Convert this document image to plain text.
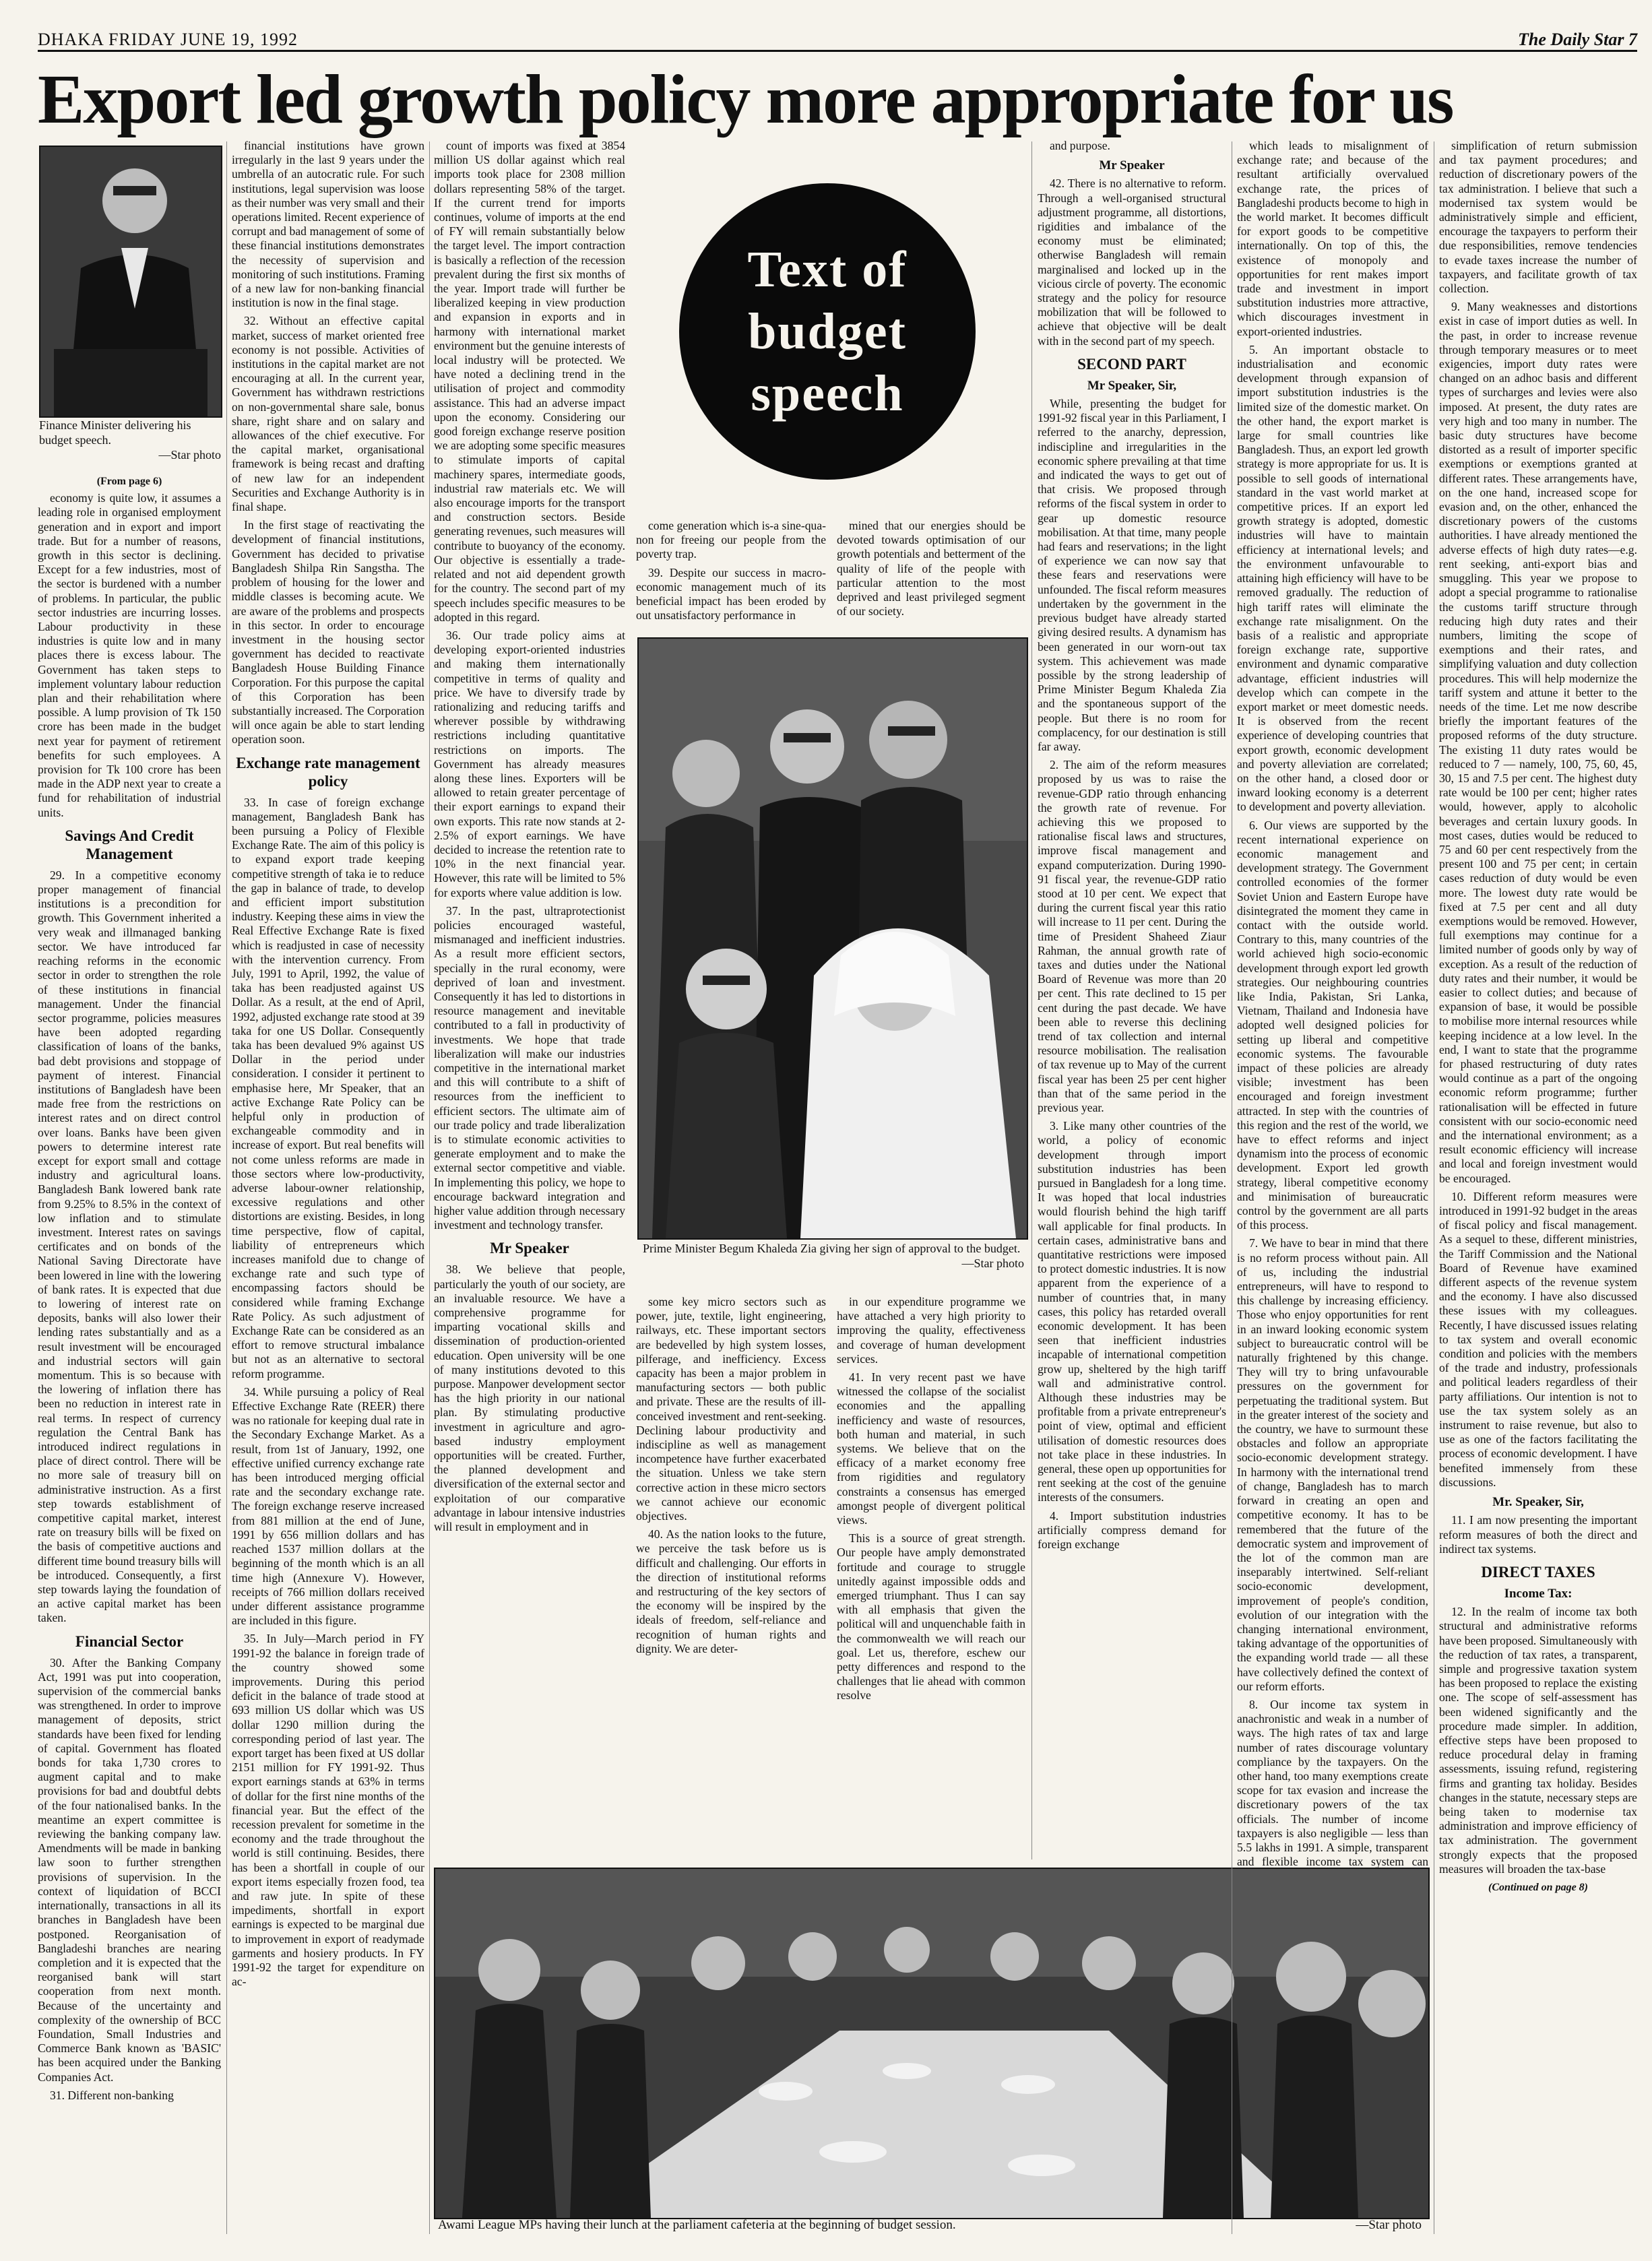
DHAKA FRIDAY JUNE 19, 1992	The Daily Star 7
Export led growth policy more appropriate for us
Finance Minister delivering his budget speech.
—Star photo
(From page 6)

economy is quite low, it assumes a leading role in organised employment generation and in export and import trade. But for a number of reasons, growth in this sector is declining. Except for a few industries, most of the sector is burdened with a number of problems. In particular, the public sector industries are incurring losses. Labour productivity in these industries is quite low and in many places there is excess labour. The Government has taken steps to implement voluntary labour reduction plan and their rehabilitation where possible. A lump provision of Tk 150 crore has been made in the budget next year for payment of retirement benefits for such employees. A provision for Tk 100 crore has been made in the ADP next year to create a fund for rehabilitation of industrial units.

Savings And Credit Management

29. In a competitive economy proper management of financial institutions is a precondition for growth. This Government inherited a very weak and illmanaged banking sector. We have introduced far reaching reforms in the economic sector in order to strengthen the role of these institutions in financial management. Under the financial sector programme, policies measures have been adopted regarding classification of loans of the banks, bad debt provisions and stoppage of payment of interest. Financial institutions of Bangladesh have been made free from the restrictions on interest rates and on direct control over loans. Banks have been given powers to determine interest rate except for export small and cottage industry and agricultural loans. Bangladesh Bank lowered bank rate from 9.25% to 8.5% in the context of low inflation and to stimulate investment. Interest rates on savings certificates and on bonds of the National Saving Directorate have been lowered in line with the lowering of bank rates. It is expected that due to lowering of interest rate on deposits, banks will also lower their lending rates substantially and as a result investment will be encouraged and industrial sectors will gain momentum. This is so because with the lowering of inflation there has been no reduction in interest rate in real terms. In respect of currency regulation the Central Bank has introduced indirect regulations in place of direct control. There will be no more sale of treasury bill on administrative instruction. As a first step towards establishment of competitive capital market, interest rate on treasury bills will be fixed on the basis of competitive auctions and different time bound treasury bills will be introduced. Consequently, a first step towards laying the foundation of an active capital market has been taken.

Financial Sector

30. After the Banking Company Act, 1991 was put into cooperation, supervision of the commercial banks was strengthened. In order to improve management of deposits, strict standards have been fixed for lending of capital. Government has floated bonds for taka 1,730 crores to augment capital and to make provisions for bad and doubtful debts of the four nationalised banks. In the meantime an expert committee is reviewing the banking company law. Amendments will be made in banking law soon to further strengthen provisions of supervision. In the context of liquidation of BCCI internationally, transactions in all its branches in Bangladesh have been postponed. Reorganisation of Bangladeshi branches are nearing completion and it is expected that the reorganised bank will start cooperation from next month. Because of the uncertainty and complexity of the ownership of BCC Foundation, Small Industries and Commerce Bank known as 'BASIC' has been acquired under the Banking Companies Act.

31. Different non-banking

financial institutions have grown irregularly in the last 9 years under the umbrella of an autocratic rule. For such institutions, legal supervision was loose as their number was very small and their operations limited. Recent experience of corrupt and bad management of some of these financial institutions demonstrates the necessity of supervision and monitoring of such institutions. Framing of a new law for non-banking financial institution is now in the final stage.

32. Without an effective capital market, success of market oriented free economy is not possible. Activities of institutions in the capital market are not encouraging at all. In the current year, Government has withdrawn restrictions on non-governmental share sale, bonus share, right share and on salary and allowances of the chief executive. For the capital market, organisational framework is being recast and drafting of new law for an independent Securities and Exchange Authority is in final shape.

In the first stage of reactivating the development of financial institutions, Government has decided to privatise Bangladesh Shilpa Rin Sangstha. The problem of housing for the lower and middle classes is becoming acute. We are aware of the problems and prospects in this sector. In order to encourage investment in the housing sector government has decided to reactivate Bangladesh House Building Finance Corporation. For this purpose the capital of this Corporation has been substantially increased. The Corporation will once again be able to start lending operation soon.

Exchange rate management policy

33. In case of foreign exchange management, Bangladesh Bank has been pursuing a Policy of Flexible Exchange Rate. The aim of this policy is to expand export trade keeping competitive strength of taka ie to reduce the gap in balance of trade, to develop and efficient import substitution industry. Keeping these aims in view the Real Effective Exchange Rate is fixed which is readjusted in case of necessity with the intervention currency. From July, 1991 to April, 1992, the value of taka has been readjusted against US Dollar. As a result, at the end of April, 1992, adjusted exchange rate stood at 39 taka for one US Dollar. Consequently taka has been devalued 9% against US Dollar in the period under consideration. I consider it pertinent to emphasise here, Mr Speaker, that an active Exchange Rate Policy can be helpful only in production of exchangeable commodity and in increase of export. But real benefits will not come unless reforms are made in those sectors where low-productivity, adverse labour-owner relationship, excessive regulations and other distortions are existing. Besides, in long time perspective, flow of capital, liability of entrepreneurs which increases manifold due to change of exchange rate and such type of encompassing factors should be considered while framing Exchange Rate Policy. As such adjustment of Exchange Rate can be considered as an effort to remove structural imbalance but not as an alternative to sectoral reform programme.

34. While pursuing a policy of Real Effective Exchange Rate (REER) there was no rationale for keeping dual rate in the Secondary Exchange Market. As a result, from 1st of January, 1992, one effective unified currency exchange rate has been introduced merging official rate and the secondary exchange rate. The foreign exchange reserve increased from 881 million at the end of June, 1991 by 656 million dollars and has reached 1537 million dollars at the beginning of the month which is an all time high (Annexure V). However, receipts of 766 million dollars received under different assistance programme are included in this figure.

35. In July—March period in FY 1991-92 the balance in foreign trade of the country showed some improvements. During this period deficit in the balance of trade stood at 693 million US dollar which was US dollar 1290 million during the corresponding period of last year. The export target has been fixed at US dollar 2151 million for FY 1991-92. Thus export earnings stands at 63% in terms of dollar for the first nine months of the financial year. But the effect of the recession prevalent for sometime in the economy and the trade throughout the world is still continuing. Besides, there has been a shortfall in couple of our export items especially frozen food, tea and raw jute. In spite of these impediments, shortfall in export earnings is expected to be marginal due to improvement in export of readymade garments and hosiery products. In FY 1991-92 the target for expenditure on ac-

count of imports was fixed at 3854 million US dollar against which real imports took place for 2308 million dollars representing 58% of the target. If the current trend for imports continues, volume of imports at the end of FY will remain substantially below the target level. The import contraction is basically a reflection of the recession prevalent during the first six months of the year. Import trade will further be liberalized keeping in view production and expansion in exports and in harmony with international market environment but the genuine interests of local industry will be protected. We have noted a declining trend in the utilisation of project and commodity assistance. This had an adverse impact upon the economy. Considering our good foreign exchange reserve position we are adopting some specific measures to stimulate imports of capital machinery spares, intermediate goods, industrial raw materials etc. We will also encourage imports for the transport and construction sectors. Beside generating revenues, such measures will contribute to buoyancy of the economy. Our objective is essentially a trade-related and not aid dependent growth for the country. The second part of my speech includes specific measures to be adopted in this regard.

36. Our trade policy aims at developing export-oriented industries and making them internationally competitive in terms of quality and price. We have to diversify trade by rationalizing and reducing tariffs and wherever possible by withdrawing restrictions including quantitative restrictions on imports. The Government has already measures along these lines. Exporters will be allowed to retain greater percentage of their export earnings to expand their own exports. This rate now stands at 2-2.5% of export earnings. We have decided to increase the retention rate to 10% in the next financial year. However, this rate will be limited to 5% for exports where value addition is low.

37. In the past, ultraprotectionist policies encouraged wasteful, mismanaged and inefficient industries. As a result more efficient sectors, specially in the rural economy, were deprived of loan and investment. Consequently it has led to distortions in resource management and inevitable contributed to a fall in productivity of investments. We hope that trade liberalization will make our industries competitive in the international market and this will contribute to a shift of resources from the inefficient to efficient sectors. The ultimate aim of our trade policy and trade liberalization is to stimulate economic activities to generate employment and to make the external sector competitive and viable. In implementing this policy, we hope to encourage backward integration and higher value addition through necessary investment and technology transfer.

Mr Speaker

38. We believe that people, particularly the youth of our society, are an invaluable resource. We have a comprehensive programme for imparting vocational skills and dissemination of production-oriented education. Open university will be one of many institutions devoted to this purpose. Manpower development sector has the high priority in our national plan. By stimulating productive investment in agriculture and agro-based industry employment opportunities will be created. Further, the planned development and diversification of the external sector and exploitation of our comparative advantage in labour intensive industries will result in employment and in

Text of
budget
speech

come generation which is-a sine-qua-non for freeing our people from the poverty trap.

39. Despite our success in macro-economic management much of its beneficial impact has been eroded by out unsatisfactory performance in

mined that our energies should be devoted towards optimisation of our growth potentials and betterment of the quality of life of the people with particular attention to the most deprived and least privileged segment of our society.

Prime Minister Begum Khaleda Zia giving her sign of approval to the budget.
—Star photo

some key micro sectors such as power, jute, textile, light engineering, railways, etc. These important sectors are bedevelled by high system losses, pilferage, and inefficiency. Excess capacity has been a major problem in manufacturing sectors — both public and private. These are the results of ill-conceived investment and rent-seeking. Declining labour productivity and indiscipline as well as management incompetence have further exacerbated the situation. Unless we take stern corrective action in these micro sectors we cannot achieve our economic objectives.

40. As the nation looks to the future, we perceive the task before us is difficult and challenging. Our efforts in the direction of institutional reforms and restructuring of the key sectors of the economy will be inspired by the ideals of freedom, self-reliance and recognition of human rights and dignity. We are deter-

in our expenditure programme we have attached a very high priority to improving the quality, effectiveness and coverage of human development services.

41. In very recent past we have witnessed the collapse of the socialist economies and the appalling inefficiency and waste of resources, both human and material, in such systems. We believe that on the efficacy of a market economy free from rigidities and regulatory constraints a consensus has emerged amongst people of divergent political views.

This is a source of great strength. Our people have amply demonstrated fortitude and courage to struggle unitedly against impossible odds and emerged triumphant. Thus I can say with all emphasis that given the political will and unquenchable faith in the commonwealth we will reach our goal. Let us, therefore, eschew our petty differences and respond to the challenges that lie ahead with common resolve

and purpose.

Mr Speaker

42. There is no alternative to reform. Through a well-organised structural adjustment programme, all distortions, rigidities and imbalance of the economy must be eliminated; otherwise Bangladesh will remain marginalised and locked up in the vicious circle of poverty. The economic strategy and the policy for resource mobilization that will be followed to achieve that objective will be dealt with in the second part of my speech.

SECOND PART
Mr Speaker, Sir,

While, presenting the budget for 1991-92 fiscal year in this Parliament, I referred to the anarchy, depression, indiscipline and irregularities in the economic sphere prevailing at that time and indicated the ways to get out of that crisis. We proposed through reforms of the fiscal system in order to gear up domestic resource mobilisation. At that time, many people had fears and reservations; in the light of experience we can now say that these fears and reservations were unfounded. The fiscal reform measures undertaken by the government in the previous budget have already started giving desired results. A dynamism has been generated in our worn-out tax system. This achievement was made possible by the strong leadership of Prime Minister Begum Khaleda Zia and the spontaneous support of the people. But there is no room for complacency, for our destination is still far away.

2. The aim of the reform measures proposed by us was to raise the revenue-GDP ratio through enhancing the growth rate of revenue. For achieving this we proposed to rationalise fiscal laws and structures, improve fiscal management and expand computerization. During 1990-91 fiscal year, the revenue-GDP ratio stood at 10 per cent. We expect that during the current fiscal year this ratio will increase to 11 per cent. During the time of President Shaheed Ziaur Rahman, the annual growth rate of taxes and duties under the National Board of Revenue was more than 20 per cent. This rate declined to 15 per cent during the past decade. We have been able to reverse this declining trend of tax collection and internal resource mobilisation. The realisation of tax revenue up to May of the current fiscal year has been 25 per cent higher than that of the same period in the previous year.

3. Like many other countries of the world, a policy of economic development through import substitution industries has been pursued in Bangladesh for a long time. It was hoped that local industries would flourish behind the high tariff wall applicable for final products. In certain cases, administrative bans and quantitative restrictions were imposed to protect domestic industries. It is now apparent from the experience of a number of countries that, in many cases, this policy has retarded overall economic development. It has been seen that inefficient industries incapable of international competition grow up, sheltered by the high tariff wall and administrative control. Although these industries may be profitable from a private entrepreneur's point of view, optimal and efficient utilisation of domestic resources does not take place in these industries. In general, these open up opportunities for rent seeking at the cost of the genuine interests of the consumers.

4. Import substitution industries artificially compress demand for foreign exchange

which leads to misalignment of exchange rate; and because of the resultant artificially overvalued exchange rate, the prices of Bangladeshi products become to high in the world market. It becomes difficult for export goods to be competitive internationally. On top of this, the existence of monopoly and opportunities for rent makes import trade and investment in import substitution industries more attractive, which discourages investment in export-oriented industries.

5. An important obstacle to industrialisation and economic development through expansion of import substitution industries is the limited size of the domestic market. On the other hand, the export market is large for small countries like Bangladesh. Thus, an export led growth strategy is more appropriate for us. It is possible to sell goods of international standard in the vast world market at competitive prices. If an export led growth strategy is adopted, domestic industries will have to maintain efficiency at international levels; and the environment unfavourable to attaining high efficiency will have to be removed gradually. The reduction of high tariff rates will eliminate the exchange rate misalignment. On the basis of a realistic and appropriate foreign exchange rate, supportive environment and dynamic comparative advantage, efficient industries will develop which can compete in the export market or meet domestic needs. It is observed from the recent experience of developing countries that export growth, economic development and poverty alleviation are correlated; on the other hand, a closed door or inward looking economy is a deterrent to development and poverty alleviation.

6. Our views are supported by the recent international experience on economic management and development strategy. The Government controlled economies of the former Soviet Union and Eastern Europe have disintegrated the moment they came in contact with the outside world. Contrary to this, many countries of the world achieved high socio-economic development through export led growth strategies. Our neighbouring countries like India, Pakistan, Sri Lanka, Vietnam, Thailand and Indonesia have adopted well designed policies for setting up liberal and competitive economic systems. The favourable impact of these policies are already visible; investment has been encouraged and foreign investment attracted. In step with the countries of this region and the rest of the world, we have to effect reforms and inject dynamism into the process of economic development. Export led growth strategy, liberal competitive economy and minimisation of bureaucratic control by the government are all parts of this process.

7. We have to bear in mind that there is no reform process without pain. All of us, including the industrial entrepreneurs, will have to respond to this challenge by increasing efficiency. Those who enjoy opportunities for rent in an inward looking economic system subject to bureaucratic control will be naturally frightened by this change. They will try to bring unfavourable pressures on the government for perpetuating the traditional system. But in the greater interest of the society and the country, we have to surmount these obstacles and follow an appropriate socio-economic development strategy. In harmony with the international trend of change, Bangladesh has to march forward in creating an open and competitive economy. It has to be remembered that the future of the democratic system and improvement of the lot of the common man are inseparably intertwined. Self-reliant socio-economic development, improvement of people's condition, evolution of our integration with the changing international environment, taking advantage of the opportunities of the expanding world trade — all these have collectively defined the context of our reform efforts.

8. Our income tax system in anachronistic and weak in a number of ways. The high rates of tax and large number of rates discourage voluntary compliance by the taxpayers. On the other hand, too many exemptions create scope for tax evasion and increase the discretionary powers of the tax officials. The number of income taxpayers is also negligible — less than 5.5 lakhs in 1991. A simple, transparent and flexible income tax system can

simplification of return submission and tax payment procedures; and reduction of discretionary powers of the tax administration. I believe that such a modernised tax system would be administratively simple and efficient, encourage the taxpayers to perform their due responsibilities, remove tendencies to evade taxes increase the number of taxpayers, and facilitate growth of tax collection.

9. Many weaknesses and distortions exist in case of import duties as well. In the past, in order to increase revenue through temporary measures or to meet exigencies, import duty rates were changed on an adhoc basis and different types of surcharges and levies were also imposed. At present, the duty rates are very high and too many in number. The basic duty structures have become distorted as a result of importer specific exemptions or exemptions granted at different rates. These arrangements have, on the one hand, increased scope for evasion and, on the other, enhanced the discretionary powers of the customs authorities. I have already mentioned the adverse effects of high duty rates—e.g. rent seeking, anti-export bias and smuggling. This year we propose to adopt a special programme to rationalise the customs tariff structure through reducing high duty rates and their numbers, limiting the scope of exemptions and their rates, and simplifying valuation and duty collection procedures. This will help modernize the tariff system and attune it better to the needs of the time. Let me now describe briefly the important features of the proposed reforms of the duty structure. The existing 11 duty rates would be reduced to 7 — namely, 100, 75, 60, 45, 30, 15 and 7.5 per cent. The highest duty rate would be 100 per cent; higher rates would, however, apply to alcoholic beverages and certain luxury goods. In most cases, duties would be reduced to 75 and 60 per cent respectively from the present 100 and 75 per cent; in certain cases reduction of duty would be even more. The lowest duty rate would be fixed at 7.5 per cent and all duty exemptions would be removed. However, full exemptions may continue for a limited number of goods only by way of exception. As a result of the reduction of duty rates and their number, it would be easier to collect duties; and because of expansion of base, it would be possible to mobilise more internal resources while keeping incidence at a low level. In the end, I want to state that the programme for phased restructuring of duty rates would continue as a part of the ongoing economic reform programme; further rationalisation will be effected in future consistent with our socio-economic need and the international environment; as a result economic efficiency will increase and local and foreign investment would be encouraged.

10. Different reform measures were introduced in 1991-92 budget in the areas of fiscal policy and fiscal management. As a sequel to these, different ministries, the Tariff Commission and the National Board of Revenue have examined different aspects of the revenue system and the economy. I have also discussed these issues with my colleagues. Recently, I have discussed issues relating to tax system and overall economic condition and policies with the members of the trade and industry, professionals and political leaders regardless of their party affiliations. Our intention is not to use the tax system solely as an instrument to raise revenue, but also to use as one of the factors facilitating the process of economic development. I have benefited immensely from these discussions.

Mr. Speaker, Sir,

11. I am now presenting the important reform measures of both the direct and indirect tax systems.

DIRECT TAXES
Income Tax:

12. In the realm of income tax both structural and administrative reforms have been proposed. Simultaneously with the reduction of tax rates, a transparent, simple and progressive taxation system has been proposed to replace the existing one. The scope of self-assessment has been widened significantly and the procedure made simpler. In addition, effective steps have been proposed to reduce procedural delay in framing assessments, issuing refund, registering firms and granting tax holiday. Besides changes in the statute, necessary steps are being taken to modernise tax administration and improve efficiency of tax administration. The government strongly expects that the proposed measures will broaden the tax-base

(Continued on page 8)
Awami League MPs having their lunch at the parliament cafeteria at the beginning of budget session.	—Star photo
